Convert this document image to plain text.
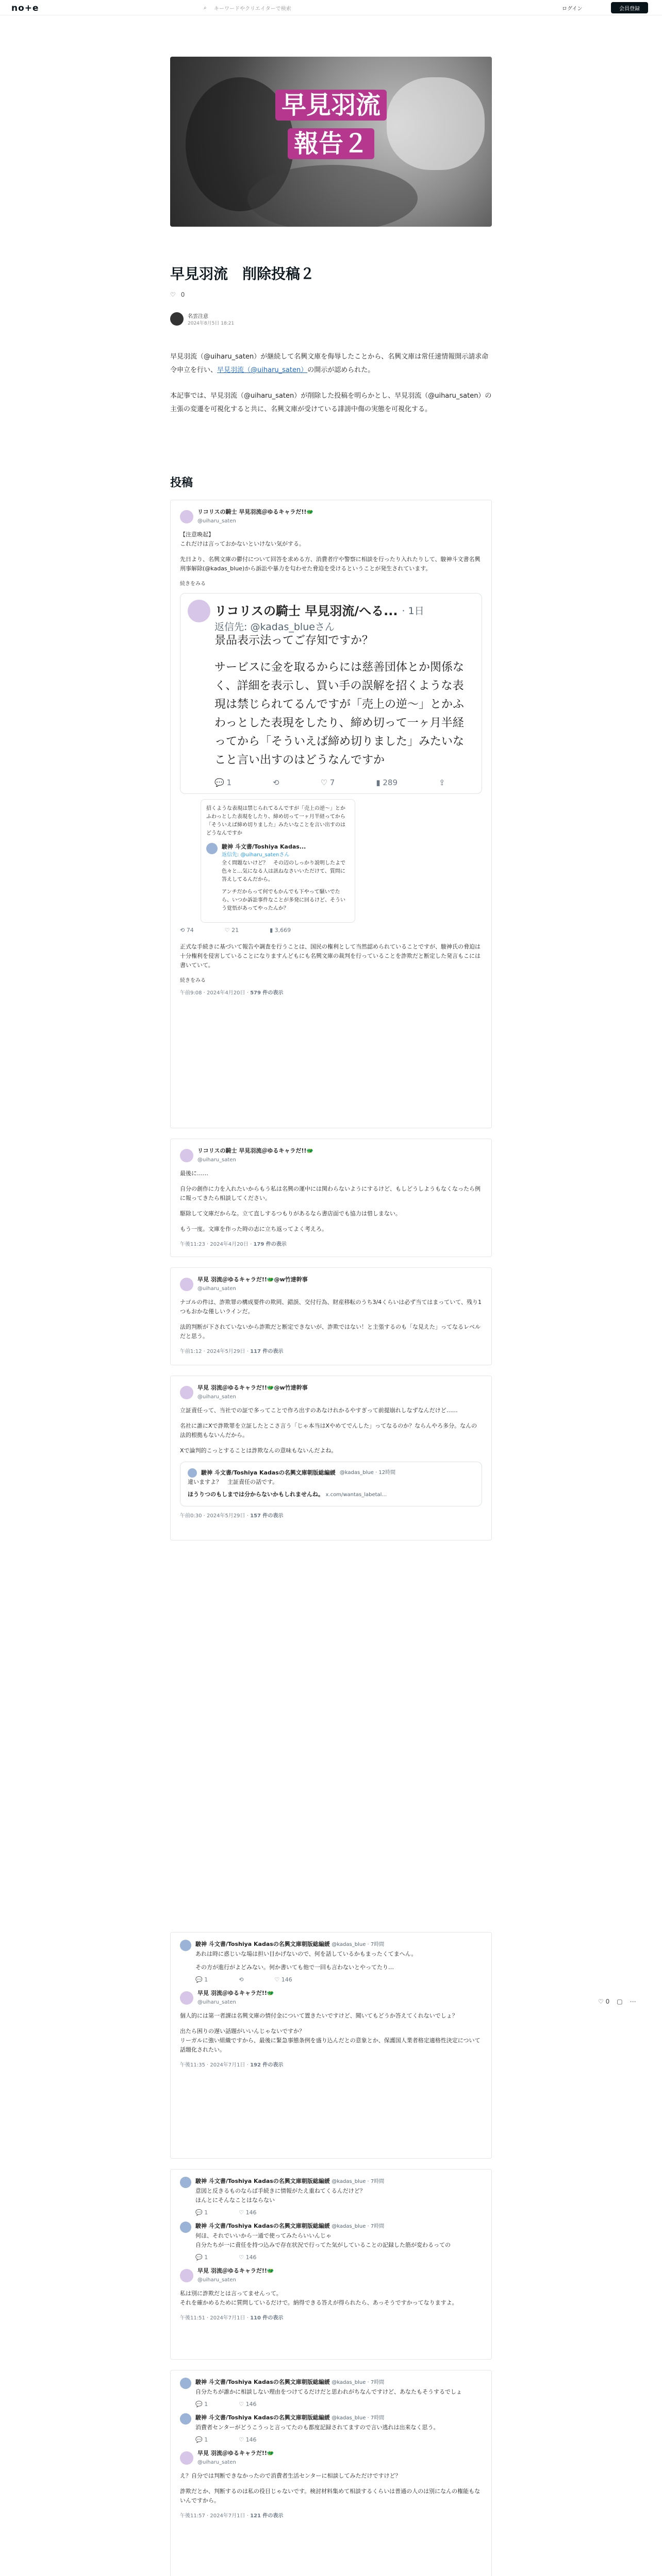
no+e	⌕	キーワードやクリエイターで検索	ログイン	会員登録
早見羽流
報告２
早見羽流　削除投稿２
♡ 0
名雲注意
2024年8月5日 18:21

早見羽流（@uiharu_saten）が継続して名興文庫を侮辱したことから、名興文庫は常任速情報開示請求命令申立を行い、早見羽流（@uiharu_saten）の開示が認められた。

本記事では、早見羽流（@uiharu_saten）が削除した投稿を明らかとし、早見羽流（@uiharu_saten）の主張の変遷を可視化すると共に、名興文庫が受けている誹謗中傷の実態を可視化する。

投稿
リコリスの騎士 早見羽流＠ゆるキャラだ!!🐲
@uiharu_saten

【注意喚起】
これだけは言っておかないといけない気がする。

先日より、名興文庫の鬱付について回答を求める方、消費者庁や警察に相談を行ったり入れたりして、駿神斗文書名興刑事解除(@kadas_blue)から訴訟や暴力を匂わせた脅迫を受けるということが発生されています。

続きをみる
リコリスの騎士 早見羽流/へる... · 1日
返信先: @kadas_blueさん
景品表示法ってご存知ですか？
サービスに金を取るからには慈善団体とか関係なく、詳細を表示し、買い手の誤解を招くような表現は禁じられてるんですが「売上の逆〜」とかふわっとした表現をしたり、締め切って一ヶ月半経ってから「そういえば締め切りました」みたいなこと言い出すのはどうなんですか
💬 1	⟲	♡ 7	▮ 289	⇪
招くような表現は禁じられてるんですが「売上の逆〜」とかふわっとした表現をしたり、締め切って一ヶ月半経ってから「そういえば締め切りました」みたいなことを言い出すのはどうなんですか
駿神 斗文書/Toshiya Kadas...
返信先: @uiharu_satenさん
全く問題ないけど？　その辺のしっかり説明したよで色々と…気になる人は訊ねなさいいただけて、質問に答えしてるんだから。
アンチだからって何でもかんでも下やって騒いでたら、いつか訴訟事件なことが多発に回るけど、そういう覚悟があってやったんか？
⟲ 74	♡ 21	▮ 3,669

正式な手続きに基づいて報告や調査を行うことは、国民の権利として当然認められていることですが、駿神氏の脅迫は十分権利を侵害していることになりますんどもにも名興文庫の裁判を行っていることを詐欺だと断定した発言もこには書いていて。

続きをみる
午前9:08 · 2024年4月20日 · 579 件の表示
リコリスの騎士 早見羽流＠ゆるキャラだ!!🐲
@uiharu_saten

最後に……

自分の創作に力を入れたいからもう私は名興の運中には関わらないようにするけど、もしどうしようもなくなったら例に報ってきたら相談してください。

駆除して文庫だからな。立て直しするつもりがあるなら書店面でも協力は惜しまない。

もう一度。文庫を作った時の志に立ち返ってよく考えろ。

午後11:23 · 2024年4月20日 · 179 件の表示
早見 羽流＠ゆるキャラだ!!🐲@w竹達幹事
@uiharu_saten

ナゴルの件は、詐欺罪の構成要件の欺罔、錯誤、交付行為、財産移転のうち3/4くらいは必ず当てはまっていて、残り1つもおかな僅しいラインだ。

法的判断が下されていないから詐欺だと断定できないが、詐欺ではない！と主張するのも「な見えた」ってなるレベルだと思う。

午前1:12 · 2024年5月29日 · 117 件の表示
早見 羽流＠ゆるキャラだ!!🐲@w竹達幹事
@uiharu_saten

立証責任って、当社での証で多ってことで作ろ出すのあなけれかるやすぎって前提崩れしなずなんだけど……

名社に誰にXで詐欺罪を立証したとこさ言う「じゃ本当はXやめてでんした」ってなるのか？ならんやろ多分。なんの法的根拠もないんだから。

Xで論判的こっとすることは詐欺なんの意味もないんだよね。

駿神 斗文書/Toshiya Kadasの名興文庫朝版総編緩 @kadas_blue · 12時間
違いますよ？　主証責任の話です。
ほうりつのもしまでは分からないかもしれませんね。 x.com/wantas_labetal...
午前0:30 · 2024年5月29日 · 157 件の表示
駿神 斗文書/Toshiya Kadasの名興文庫朝版総編緩 @kadas_blue · 7時間
あれは時に惑じいな場は担い目かげないので、何を話しているかもまったくてまへん。
その方が進行がよどみない。何か書いても他で一回も言わないとやってたり…
💬 1	⟲	♡ 146
早見 羽流＠ゆるキャラだ!!🐲
@uiharu_saten

個人的には第一者課は名興文庫の情付金について置きたいですけど、聞いてもどうか答えてくれないでしょ？

出たら困りの遅い話題がいいんじゃないですか？
リーガルに強い組織ですから、最後に緊急事態条例を盛り込んだとの意象とか、保護国人業者格定適格性決定について話題化されたい。

午後11:35 · 2024年7月1日 · 192 件の表示
駿神 斗文書/Toshiya Kadasの名興文庫朝版総編緩 @kadas_blue · 7時間
意図と反きるものならば手続きに情報がたえ重ねてくるんだけど？
ほんとにそんなことはならない
💬 1	♡ 146
駿神 斗文書/Toshiya Kadasの名興文庫朝版総編緩 @kadas_blue · 7時間
何ほ、それでいいから一通で使ってみたらいいんじゃ
自分たちが一に責任を持つ込みで存在状況で行ってた気がしていることの記録した筋が変わるっての
💬 1	♡ 146
早見 羽流＠ゆるキャラだ!!🐲
@uiharu_saten

私は別に詐欺だとは言ってませんって。
それを確かめるために質問しているだけで。納得できる答えが得られたら、あっそうですかってなりますよ。

午後11:51 · 2024年7月1日 · 110 件の表示
駿神 斗文書/Toshiya Kadasの名興文庫朝版総編緩 @kadas_blue · 7時間
自分たちが誰かに相談しない理由をつけてるだけだと思われがちなんですけど、あなたもそうするでしょ
💬 1	♡ 146
駿神 斗文書/Toshiya Kadasの名興文庫朝版総編緩 @kadas_blue · 7時間
消費者センターがどうこうっと言ってたのも都度記録されてますので言い逃れは出来なく思う。
💬 1	♡ 146
早見 羽流＠ゆるキャラだ!!🐲
@uiharu_saten

え？自分では判断できなかったので消費者生活センターに相談してみただけですけど？

詐欺だとか、判断するのは私の役目じゃないです。検討材料集めて相談するくらいは普通の人のは別になんの権能もないんですから。

午後11:57 · 2024年7月1日 · 121 件の表示

♡ 0 ▢ ⋯
